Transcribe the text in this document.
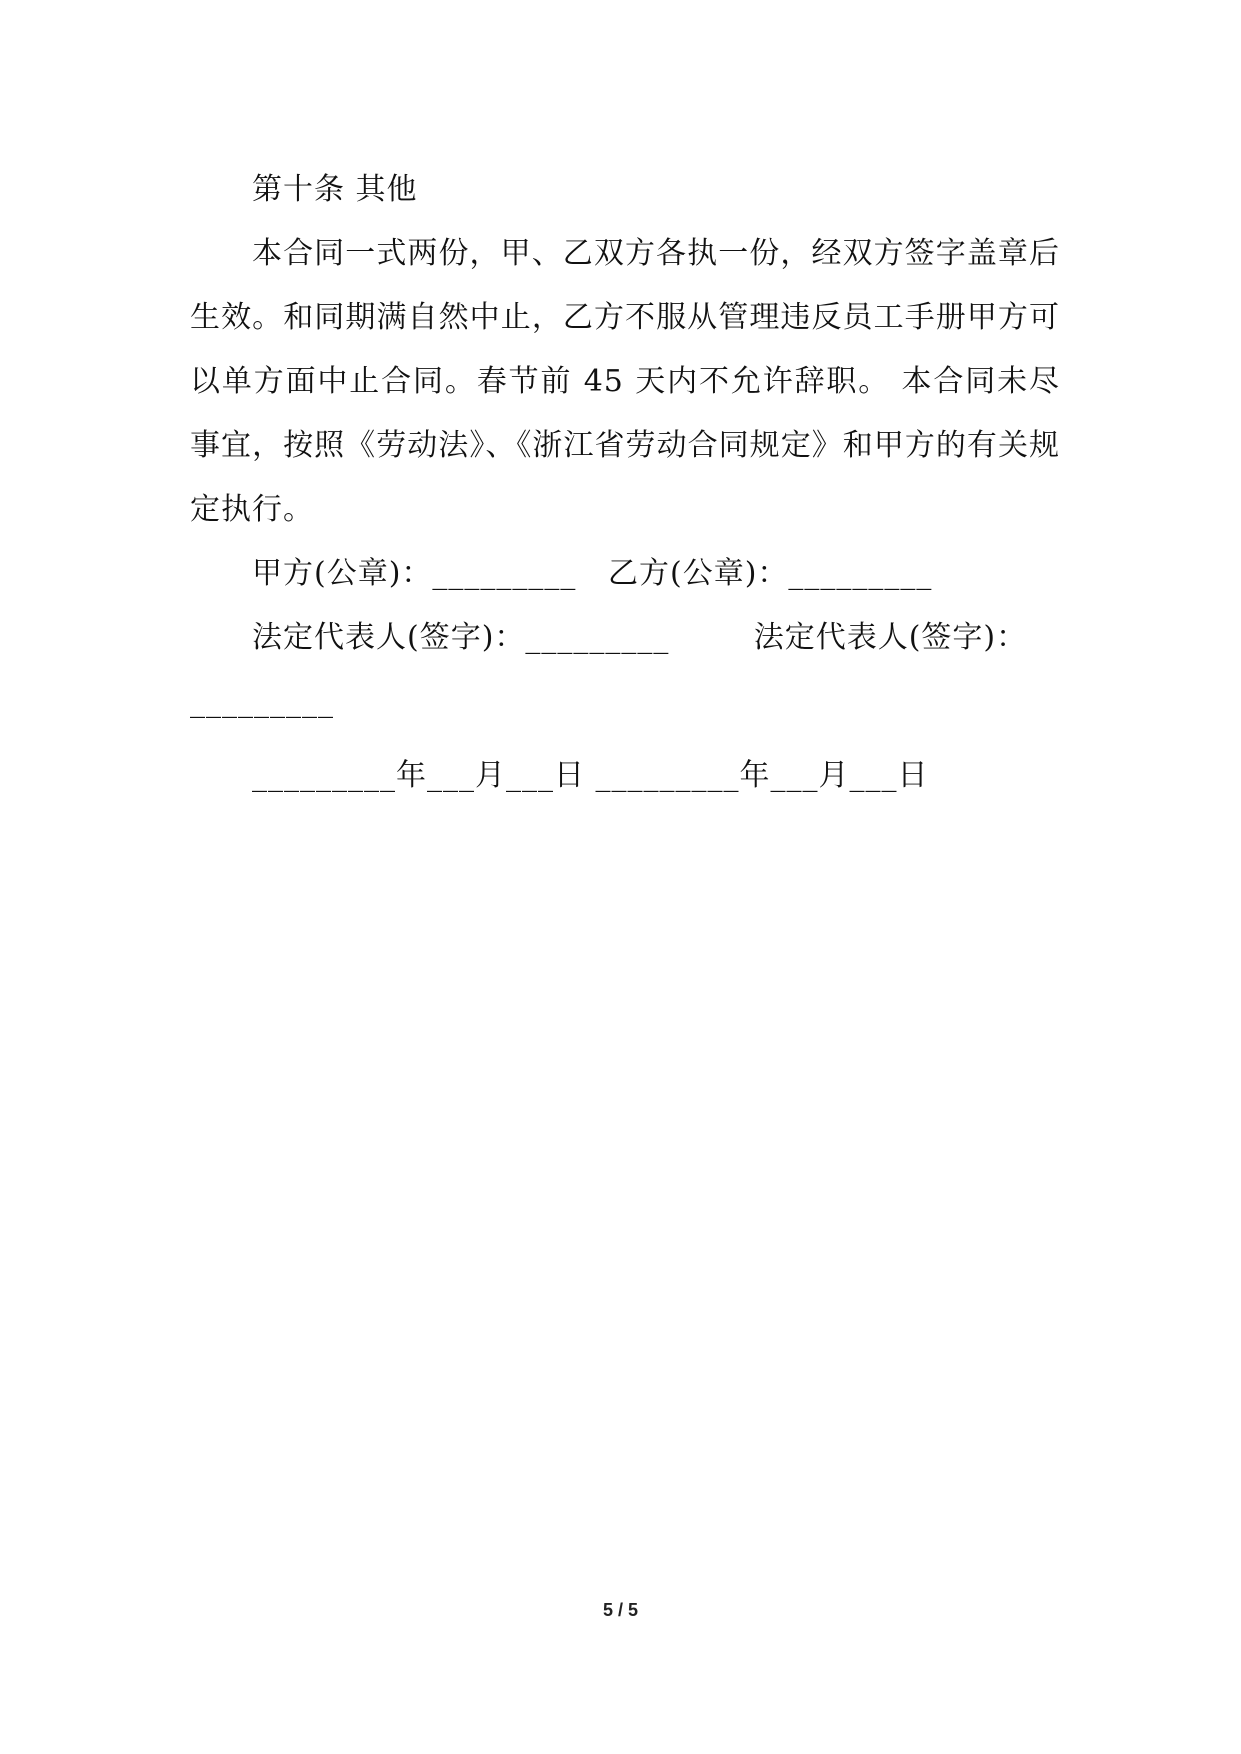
第十条 其他

本合同一式两份，甲、乙双方各执一份，经双方签字盖章后生效。和同期满自然中止，乙方不服从管理违反员工手册甲方可以单方面中止合同。春节前 45 天内不允许辞职。 本合同未尽事宜，按照《劳动法》、《浙江省劳动合同规定》和甲方的有关规定执行。

甲方(公章)：_________   乙方(公章)：_________

法定代表人(签字)：_________        法定代表人(签字)：

_________

_________年___月___日 _________年___月___日

5 / 5
